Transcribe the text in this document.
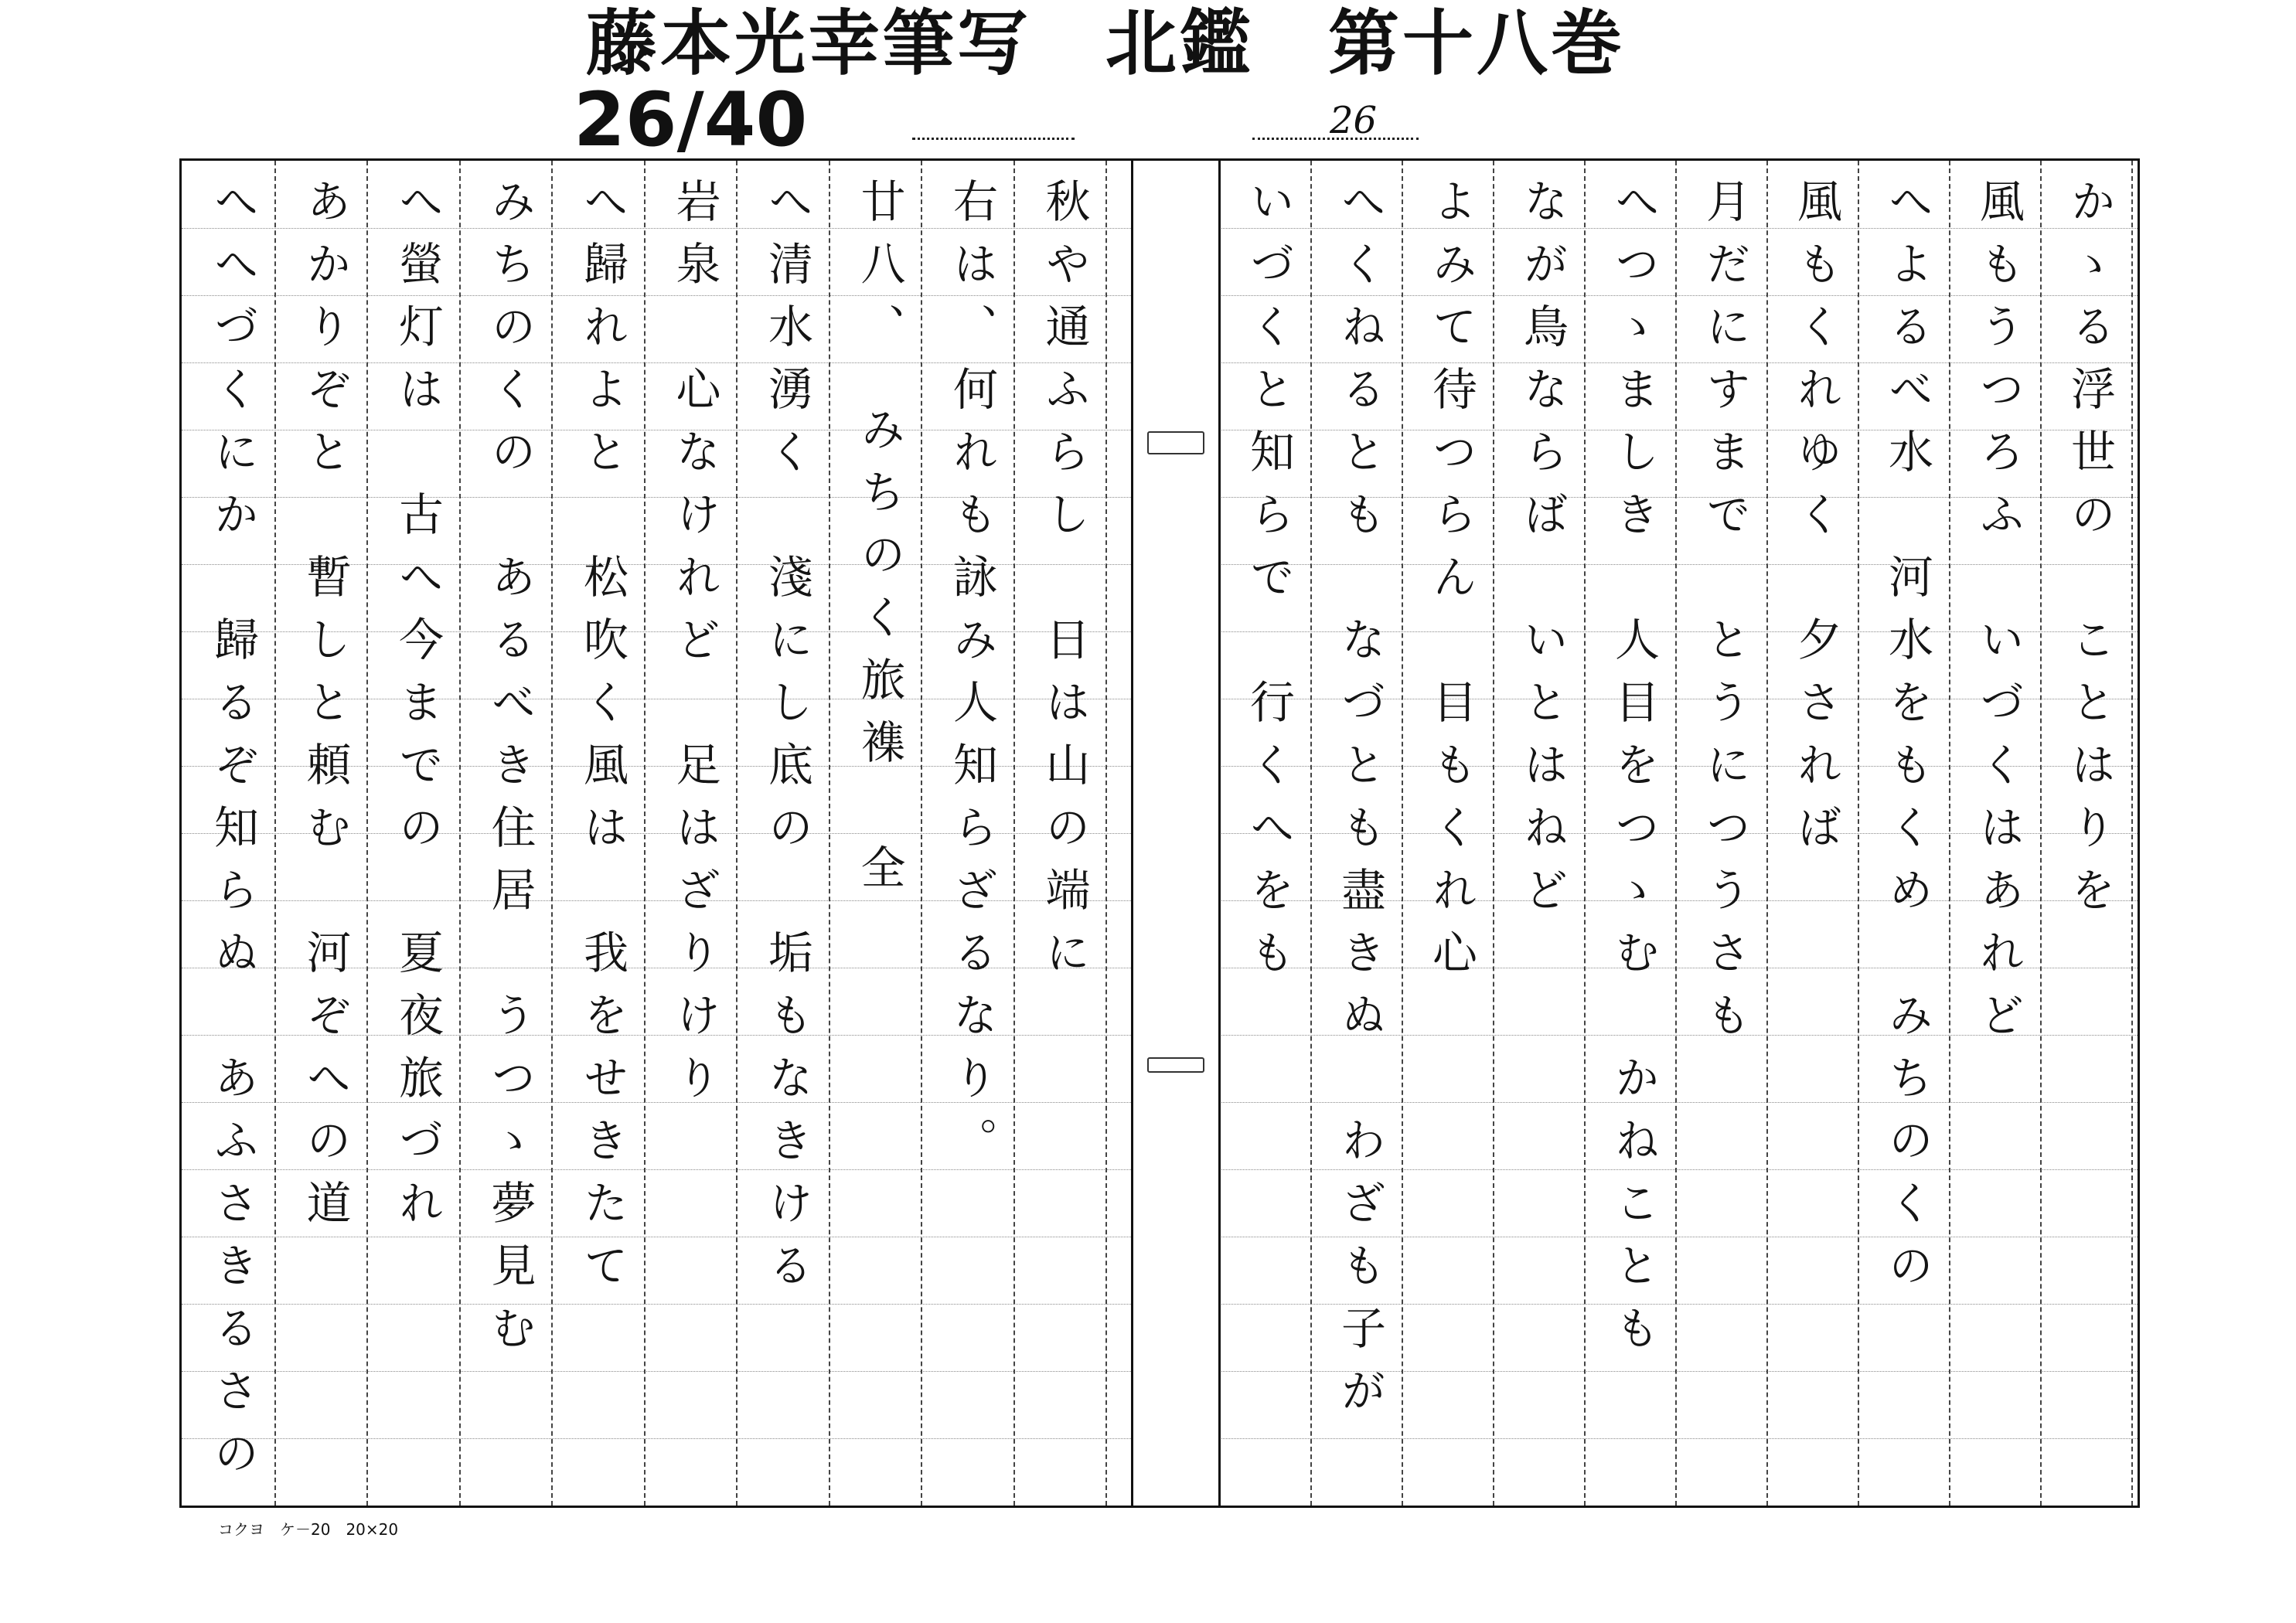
藤本光幸筆写　北鑑　第十八巻
26/40	26
へへづくにか　歸るぞ知らぬ　あふさきるさの あかりぞと　暫しと頼む　河ぞへの道 へ螢灯は　古へ今までの　夏夜旅づれ みちのくの　あるべき住居　うつゝ夢見む へ歸れよと　松吹く風は　我をせきたて 岩泉　心なけれど　足はざりけり へ清水湧く　淺にし底の　垢もなきける 廿八、　みちのく旅襍　全 右は、何れも詠み人知らざるなり。 秋や通ふらし　日は山の端に	いづくと知らで　行くへをも へくねるとも　なづとも盡きぬ　わざも子が よみて待つらん　目もくれ心 なが鳥ならば　いとはねど へつゝましき　人目をつゝむ　かねことも 月だにすまで　とうにつうさも 風もくれゆく　夕されば へよるべ水　河水をもくめ　みちのくの 風もうつろふ　いづくはあれど かゝる浮世の　ことはりを
コクヨ　ケ－20　20×20
